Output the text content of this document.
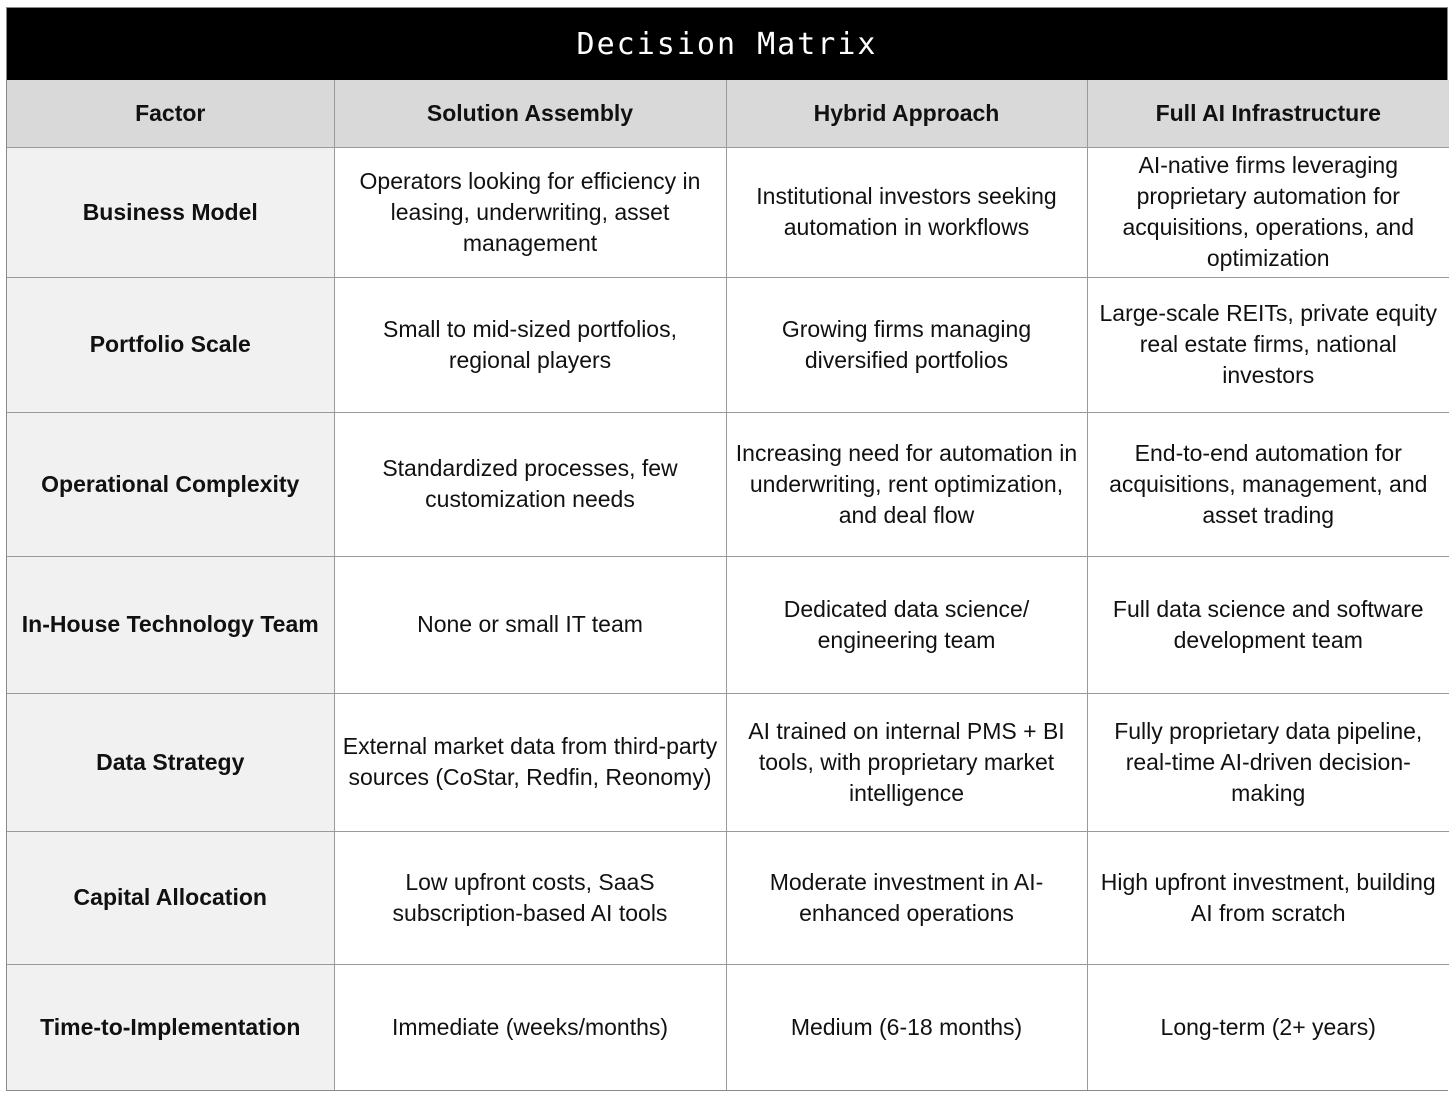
Decision Matrix
Factor	Solution Assembly	Hybrid Approach	Full AI Infrastructure
Business Model	Operators looking for efficiency in leasing, underwriting, asset management	Institutional investors seeking automation in workflows	AI-native firms leveraging proprietary automation for acquisitions, operations, and optimization
Portfolio Scale	Small to mid-sized portfolios, regional players	Growing firms managing diversified portfolios	Large-scale REITs, private equity real estate firms, national investors
Operational Complexity	Standardized processes, few customization needs	Increasing need for automation in underwriting, rent optimization, and deal flow	End-to-end automation for acquisitions, management, and asset trading
In-House Technology Team	None or small IT team	Dedicated data science/ engineering team	Full data science and software development team
Data Strategy	External market data from third-party sources (CoStar, Redfin, Reonomy)	AI trained on internal PMS + BI tools, with proprietary market intelligence	Fully proprietary data pipeline, real-time AI-driven decision-making
Capital Allocation	Low upfront costs, SaaS subscription-based AI tools	Moderate investment in AI-enhanced operations	High upfront investment, building AI from scratch
Time-to-Implementation	Immediate (weeks/months)	Medium (6-18 months)	Long-term (2+ years)
